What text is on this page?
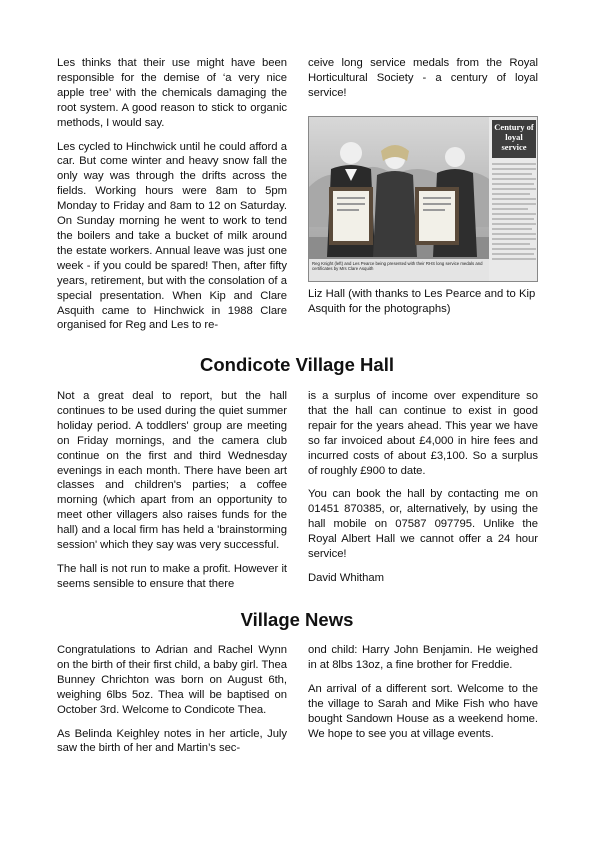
Les thinks that their use might have been responsible for the demise of ‘a very nice apple tree’ with the chemicals damaging the root system. A good reason to stick to organic methods, I would say.

Les cycled to Hinchwick until he could afford a car. But come winter and heavy snow fall the only way was through the drifts across the fields. Working hours were 8am to 5pm Monday to Friday and 8am to 12 on Saturday. On Sunday morning he went to work to tend the boilers and take a bucket of milk around the estate workers. Annual leave was just one week - if you could be spared! Then, after fifty years, retirement, but with the consolation of a special presentation. When Kip and Clare Asquith came to Hinchwick in 1988 Clare organised for Reg and Les to re-

ceive long service medals from the Royal Horticultural Society - a century of loyal service!

Century of loyal service
Reg Knight (left) and Les Pearce being presented with their RHS long service medals and certificates by Mrs Clare Asquith
Liz Hall (with thanks to Les Pearce and to Kip Asquith for the photographs)
Condicote Village Hall

Not a great deal to report, but the hall continues to be used during the quiet summer holiday period. A toddlers' group are meeting on Friday mornings, and the camera club continue on the first and third Wednesday evenings in each month. There have been art classes and children's parties; a coffee morning (which apart from an opportunity to meet other villagers also raises funds for the hall) and a local firm has held a 'brainstorming session' which they say was very successful.

The hall is not run to make a profit. However it seems sensible to ensure that there

is a surplus of income over expenditure so that the hall can continue to exist in good repair for the years ahead. This year we have so far invoiced about £4,000 in hire fees and incurred costs of about £3,100. So a surplus of roughly £900 to date.

You can book the hall by contacting me on 01451 870385, or, alternatively, by using the hall mobile on 07587 097795. Unlike the Royal Albert Hall we cannot offer a 24 hour service!

David Whitham

Village News

Congratulations to Adrian and Rachel Wynn on the birth of their first child, a baby girl. Thea Bunney Chrichton was born on August 6th, weighing 6lbs 5oz. Thea will be baptised on October 3rd. Welcome to Condicote Thea.

As Belinda Keighley notes in her article, July saw the birth of her and Martin’s sec-

ond child: Harry John Benjamin. He weighed in at 8lbs 13oz, a fine brother for Freddie.

An arrival of a different sort. Welcome to the the village to Sarah and Mike Fish who have bought Sandown House as a weekend home. We hope to see you at village events.
